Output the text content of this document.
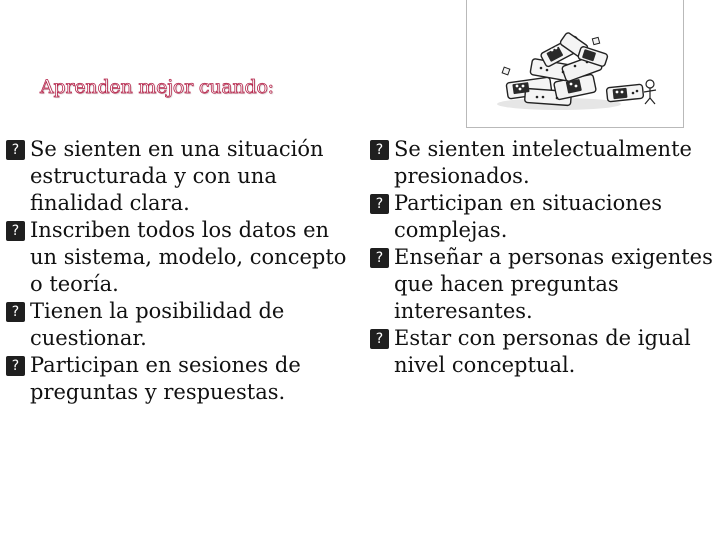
Aprenden mejor cuando:
? Se sienten en una situación estructurada y con una finalidad clara.
? Inscriben todos los datos en un sistema, modelo, concepto o teoría.
? Tienen la posibilidad de cuestionar.
? Participan en sesiones de preguntas y respuestas.
? Se sienten intelectualmente presionados.
? Participan en situaciones complejas.
? Enseñar a personas exigentes que hacen preguntas interesantes.
? Estar con personas de igual nivel conceptual.
